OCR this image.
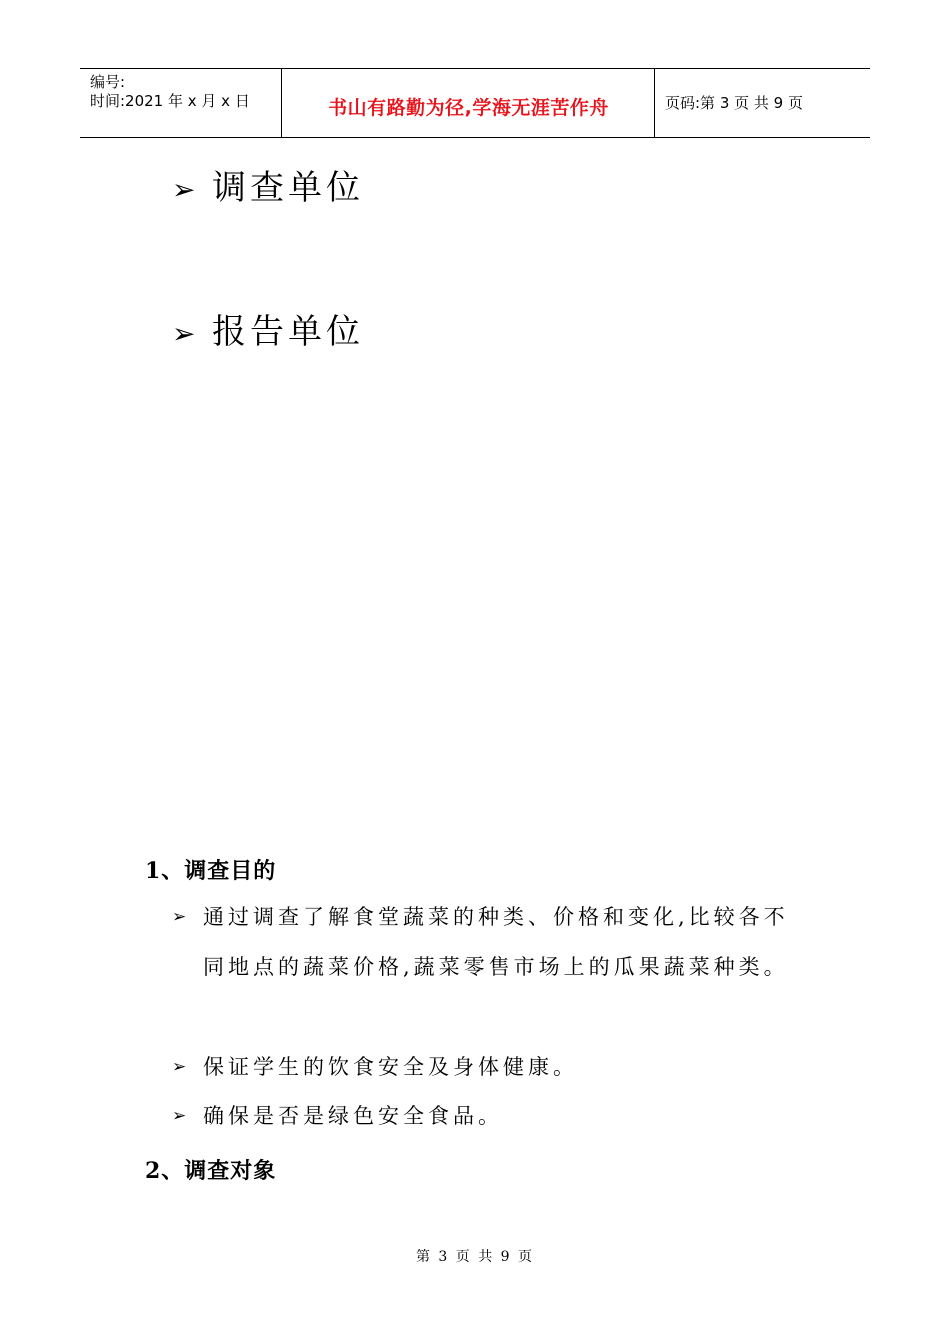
编号:
时间:2021 年 x 月 x 日	书山有路勤为径,学海无涯苦作舟	页码:第 3 页 共 9 页
➢ 调查单位
➢ 报告单位
1、调查目的
➢ 通过调查了解食堂蔬菜的种类、价格和变化,比较各不同地点的蔬菜价格,蔬菜零售市场上的瓜果蔬菜种类。
➢ 保证学生的饮食安全及身体健康。
➢ 确保是否是绿色安全食品。
2、调查对象
第 3 页 共 9 页
